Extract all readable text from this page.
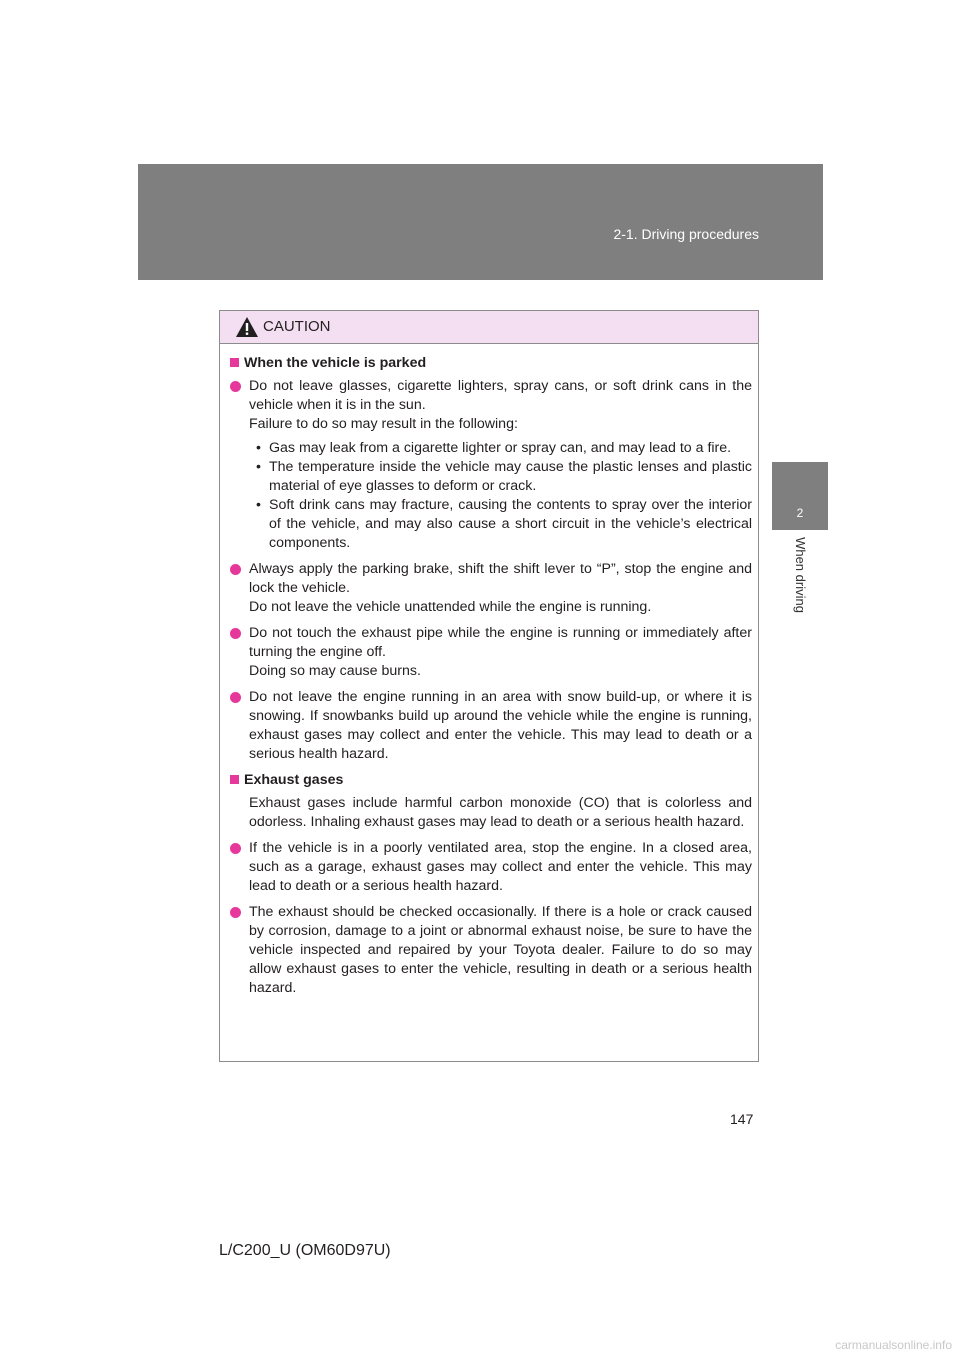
2-1. Driving procedures
2
When driving
CAUTION
When the vehicle is parked

Do not leave glasses, cigarette lighters, spray cans, or soft drink cans in the vehicle when it is in the sun.

Failure to do so may result in the following:

• Gas may leak from a cigarette lighter or spray can, and may lead to a fire.
• The temperature inside the vehicle may cause the plastic lenses and plastic material of eye glasses to deform or crack.
• Soft drink cans may fracture, causing the contents to spray over the interior of the vehicle, and may also cause a short circuit in the vehicle’s electrical components.

Always apply the parking brake, shift the shift lever to “P”, stop the engine and lock the vehicle.

Do not leave the vehicle unattended while the engine is running.

Do not touch the exhaust pipe while the engine is running or immediately after turning the engine off.

Doing so may cause burns.

Do not leave the engine running in an area with snow build-up, or where it is snowing. If snowbanks build up around the vehicle while the engine is running, exhaust gases may collect and enter the vehicle. This may lead to death or a serious health hazard.

Exhaust gases
Exhaust gases include harmful carbon monoxide (CO) that is colorless and odorless. Inhaling exhaust gases may lead to death or a serious health hazard.

If the vehicle is in a poorly ventilated area, stop the engine. In a closed area, such as a garage, exhaust gases may collect and enter the vehicle. This may lead to death or a serious health hazard.

The exhaust should be checked occasionally. If there is a hole or crack caused by corrosion, damage to a joint or abnormal exhaust noise, be sure to have the vehicle inspected and repaired by your Toyota dealer. Failure to do so may allow exhaust gases to enter the vehicle, resulting in death or a serious health hazard.

147
L/C200_U (OM60D97U)
carmanualsonline.info
